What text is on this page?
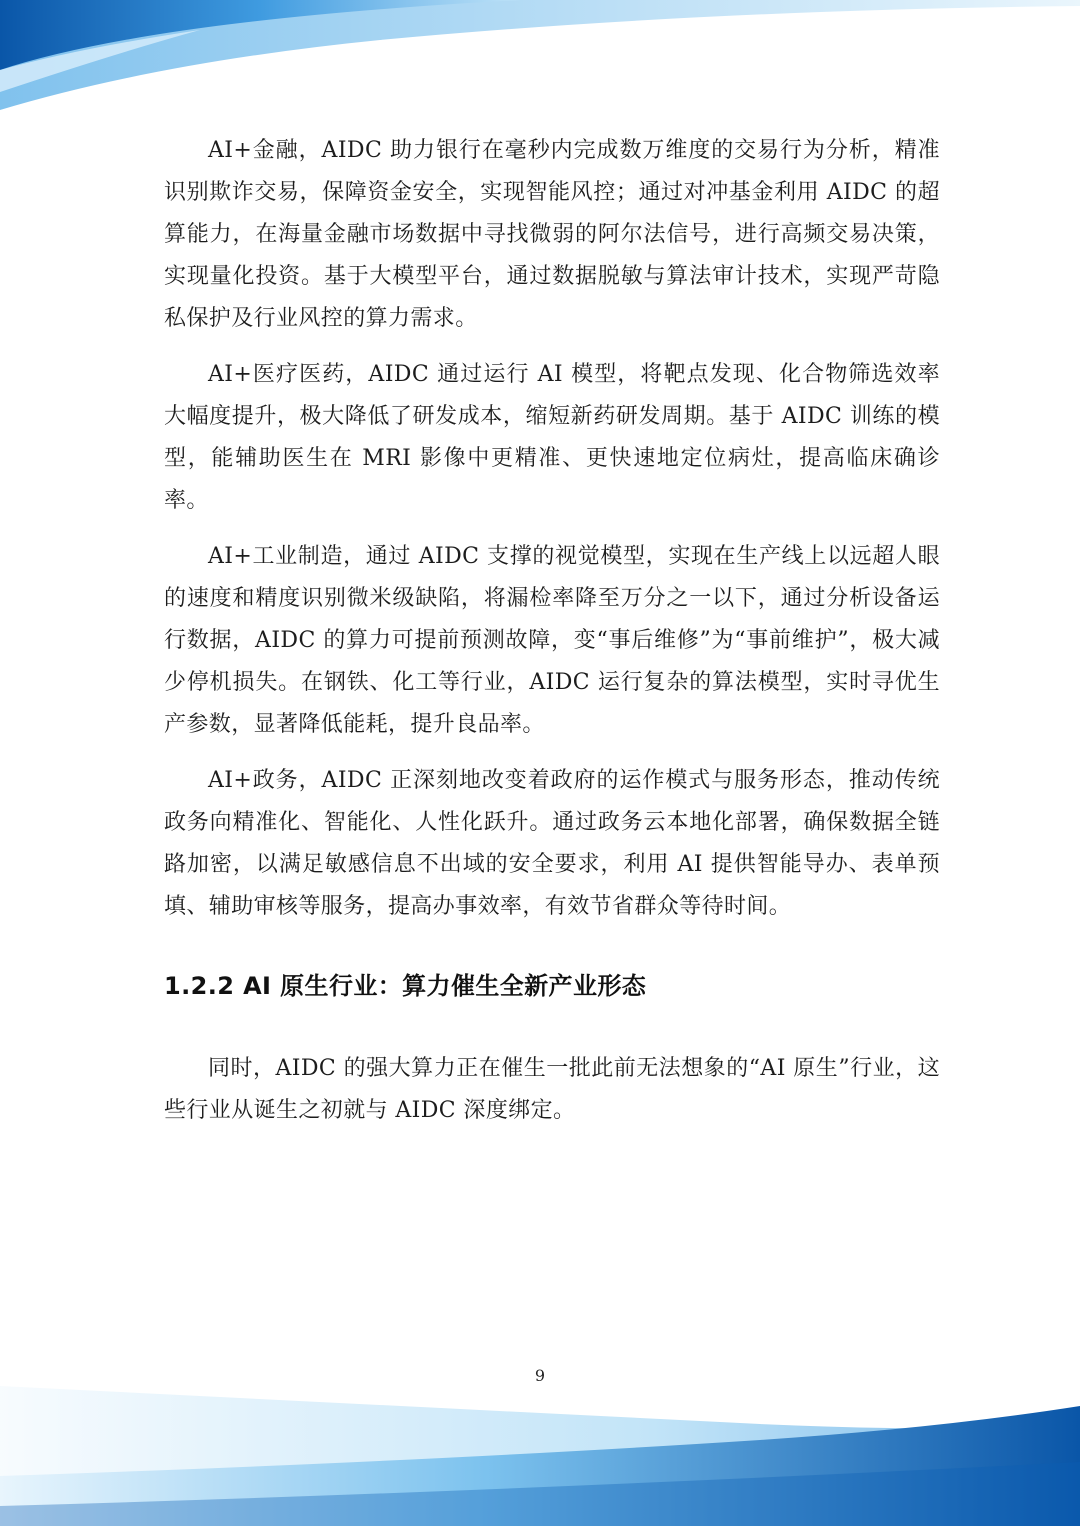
AI+金融，AIDC 助力银行在毫秒内完成数万维度的交易行为分析，精准识别欺诈交易，保障资金安全，实现智能风控；通过对冲基金利用 AIDC 的超算能力，在海量金融市场数据中寻找微弱的阿尔法信号，进行高频交易决策，实现量化投资。基于大模型平台，通过数据脱敏与算法审计技术，实现严苛隐私保护及行业风控的算力需求。

AI+医疗医药，AIDC 通过运行 AI 模型，将靶点发现、化合物筛选效率大幅度提升，极大降低了研发成本，缩短新药研发周期。基于 AIDC 训练的模型，能辅助医生在 MRI 影像中更精准、更快速地定位病灶，提高临床确诊率。

AI+工业制造，通过 AIDC 支撑的视觉模型，实现在生产线上以远超人眼的速度和精度识别微米级缺陷，将漏检率降至万分之一以下，通过分析设备运行数据，AIDC 的算力可提前预测故障，变“事后维修”为“事前维护”，极大减少停机损失。在钢铁、化工等行业，AIDC 运行复杂的算法模型，实时寻优生产参数，显著降低能耗，提升良品率。

AI+政务，AIDC 正深刻地改变着政府的运作模式与服务形态，推动传统政务向精准化、智能化、人性化跃升。通过政务云本地化部署，确保数据全链路加密，以满足敏感信息不出域的安全要求，利用 AI 提供智能导办、表单预填、辅助审核等服务，提高办事效率，有效节省群众等待时间。

1.2.2 AI 原生行业：算力催生全新产业形态

同时，AIDC 的强大算力正在催生一批此前无法想象的“AI 原生”行业，这些行业从诞生之初就与 AIDC 深度绑定。

9
